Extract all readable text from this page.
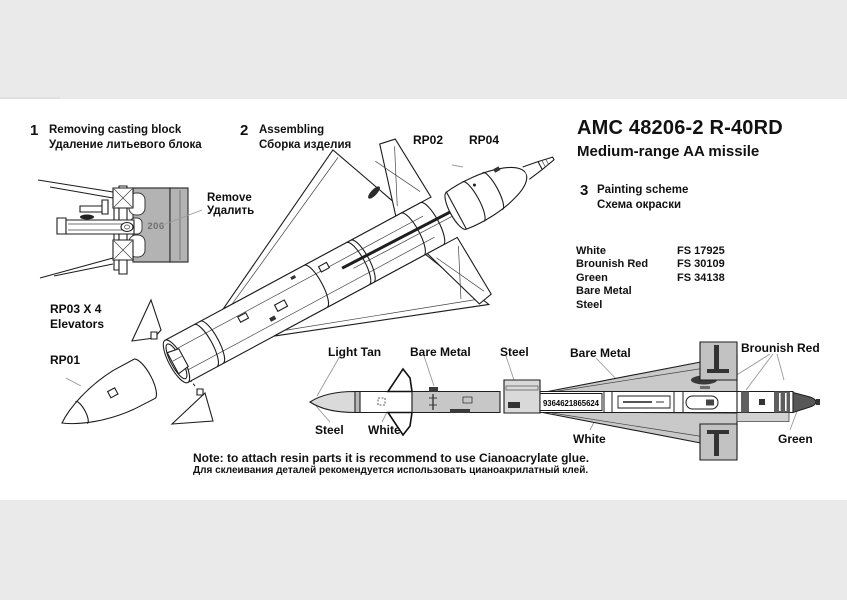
1 Removing casting block
Удаление литьевого блока
2 Assembling
Сборка изделия
AMC 48206-2 R-40RD
Medium-range AA missile
3 Painting scheme
Схема окраски
White	FS 17925
Brounish Red	FS 30109
Green	FS 34138
Bare Metal
Steel
206
Remove
Удалить
RP02 RP04
RP03 X 4
Elevators
RP01
9364621865624
Light Tan Bare Metal Steel	Bare Metal	Brounish Red
Steel White
White	Green
Note: to attach resin parts it is recommend to use Cianoacrylate glue.
Для склеивания деталей рекомендуется использовать цианоакрилатный клей.
